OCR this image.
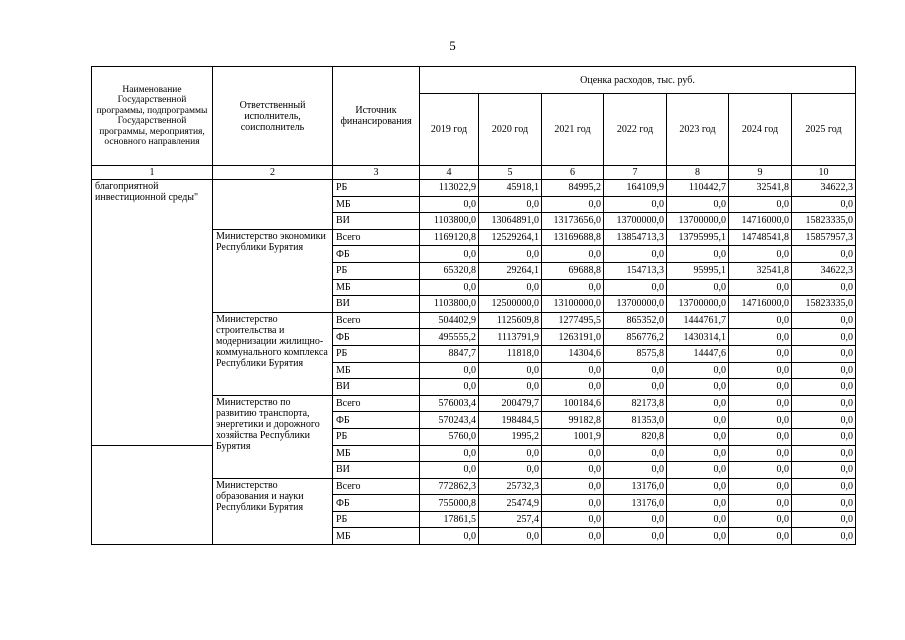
5
Наименование Государственной программы, подпрограммы Государственной программы, мероприятия, основного направления	Ответственный исполнитель, соисполнитель	Источник финансирования	Оценка расходов, тыс. руб.						
			2019 год	2020 год	2021 год	2022 год	2023 год	2024 год	2025 год
1	2	3	4	5	6	7	8	9	10
благоприятной инвестиционной среды"		РБ	113022,9	45918,1	84995,2	164109,9	110442,7	32541,8	34622,3
		МБ	0,0	0,0	0,0	0,0	0,0	0,0	0,0
		ВИ	1103800,0	13064891,0	13173656,0	13700000,0	13700000,0	14716000,0	15823335,0
	Министерство экономики Республики Бурятия	Всего	1169120,8	12529264,1	13169688,8	13854713,3	13795995,1	14748541,8	15857957,3
		ФБ	0,0	0,0	0,0	0,0	0,0	0,0	0,0
		РБ	65320,8	29264,1	69688,8	154713,3	95995,1	32541,8	34622,3
		МБ	0,0	0,0	0,0	0,0	0,0	0,0	0,0
		ВИ	1103800,0	12500000,0	13100000,0	13700000,0	13700000,0	14716000,0	15823335,0
	Министерство строительства и модернизации жилищно-коммунального комплекса Республики Бурятия	Всего	504402,9	1125609,8	1277495,5	865352,0	1444761,7	0,0	0,0
		ФБ	495555,2	1113791,9	1263191,0	856776,2	1430314,1	0,0	0,0
		РБ	8847,7	11818,0	14304,6	8575,8	14447,6	0,0	0,0
		МБ	0,0	0,0	0,0	0,0	0,0	0,0	0,0
		ВИ	0,0	0,0	0,0	0,0	0,0	0,0	0,0
	Министерство по развитию транспорта, энергетики и дорожного хозяйства Республики Бурятия	Всего	576003,4	200479,7	100184,6	82173,8	0,0	0,0	0,0
		ФБ	570243,4	198484,5	99182,8	81353,0	0,0	0,0	0,0
		РБ	5760,0	1995,2	1001,9	820,8	0,0	0,0	0,0
		МБ	0,0	0,0	0,0	0,0	0,0	0,0	0,0
		ВИ	0,0	0,0	0,0	0,0	0,0	0,0	0,0
	Министерство образования и науки Республики Бурятия	Всего	772862,3	25732,3	0,0	13176,0	0,0	0,0	0,0
		ФБ	755000,8	25474,9	0,0	13176,0	0,0	0,0	0,0
		РБ	17861,5	257,4	0,0	0,0	0,0	0,0	0,0
		МБ	0,0	0,0	0,0	0,0	0,0	0,0	0,0
